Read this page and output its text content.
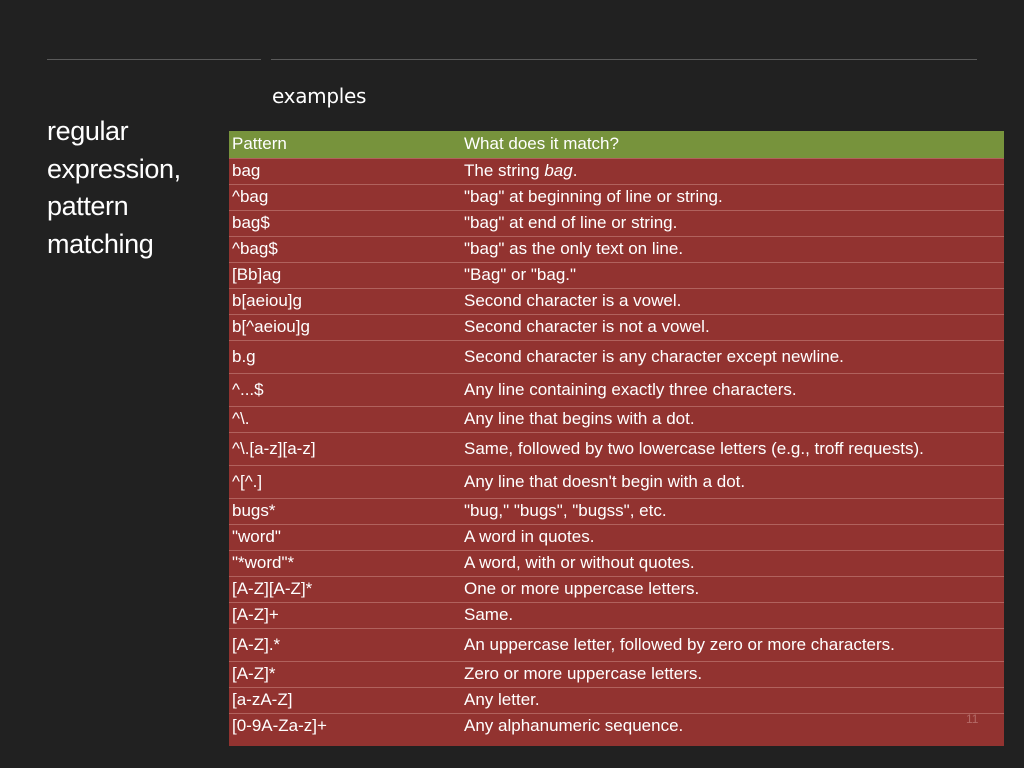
regular
expression,
pattern
matching
examples
Pattern	What does it match?
bag	The string bag.
^bag	"bag" at beginning of line or string.
bag$	"bag" at end of line or string.
^bag$	"bag" as the only text on line.
[Bb]ag	"Bag" or "bag."
b[aeiou]g	Second character is a vowel.
b[^aeiou]g	Second character is not a vowel.
b.g	Second character is any character except newline.
^...$	Any line containing exactly three characters.
^\.	Any line that begins with a dot.
^\.[a-z][a-z]	Same, followed by two lowercase letters (e.g., troff requests).
^[^.]	Any line that doesn't begin with a dot.
bugs*	"bug," "bugs", "bugss", etc.
"word"	A word in quotes.
"*word"*	A word, with or without quotes.
[A-Z][A-Z]*	One or more uppercase letters.
[A-Z]+	Same.
[A-Z].*	An uppercase letter, followed by zero or more characters.
[A-Z]*	Zero or more uppercase letters.
[a-zA-Z]	Any letter.
[0-9A-Za-z]+	Any alphanumeric sequence.	11
